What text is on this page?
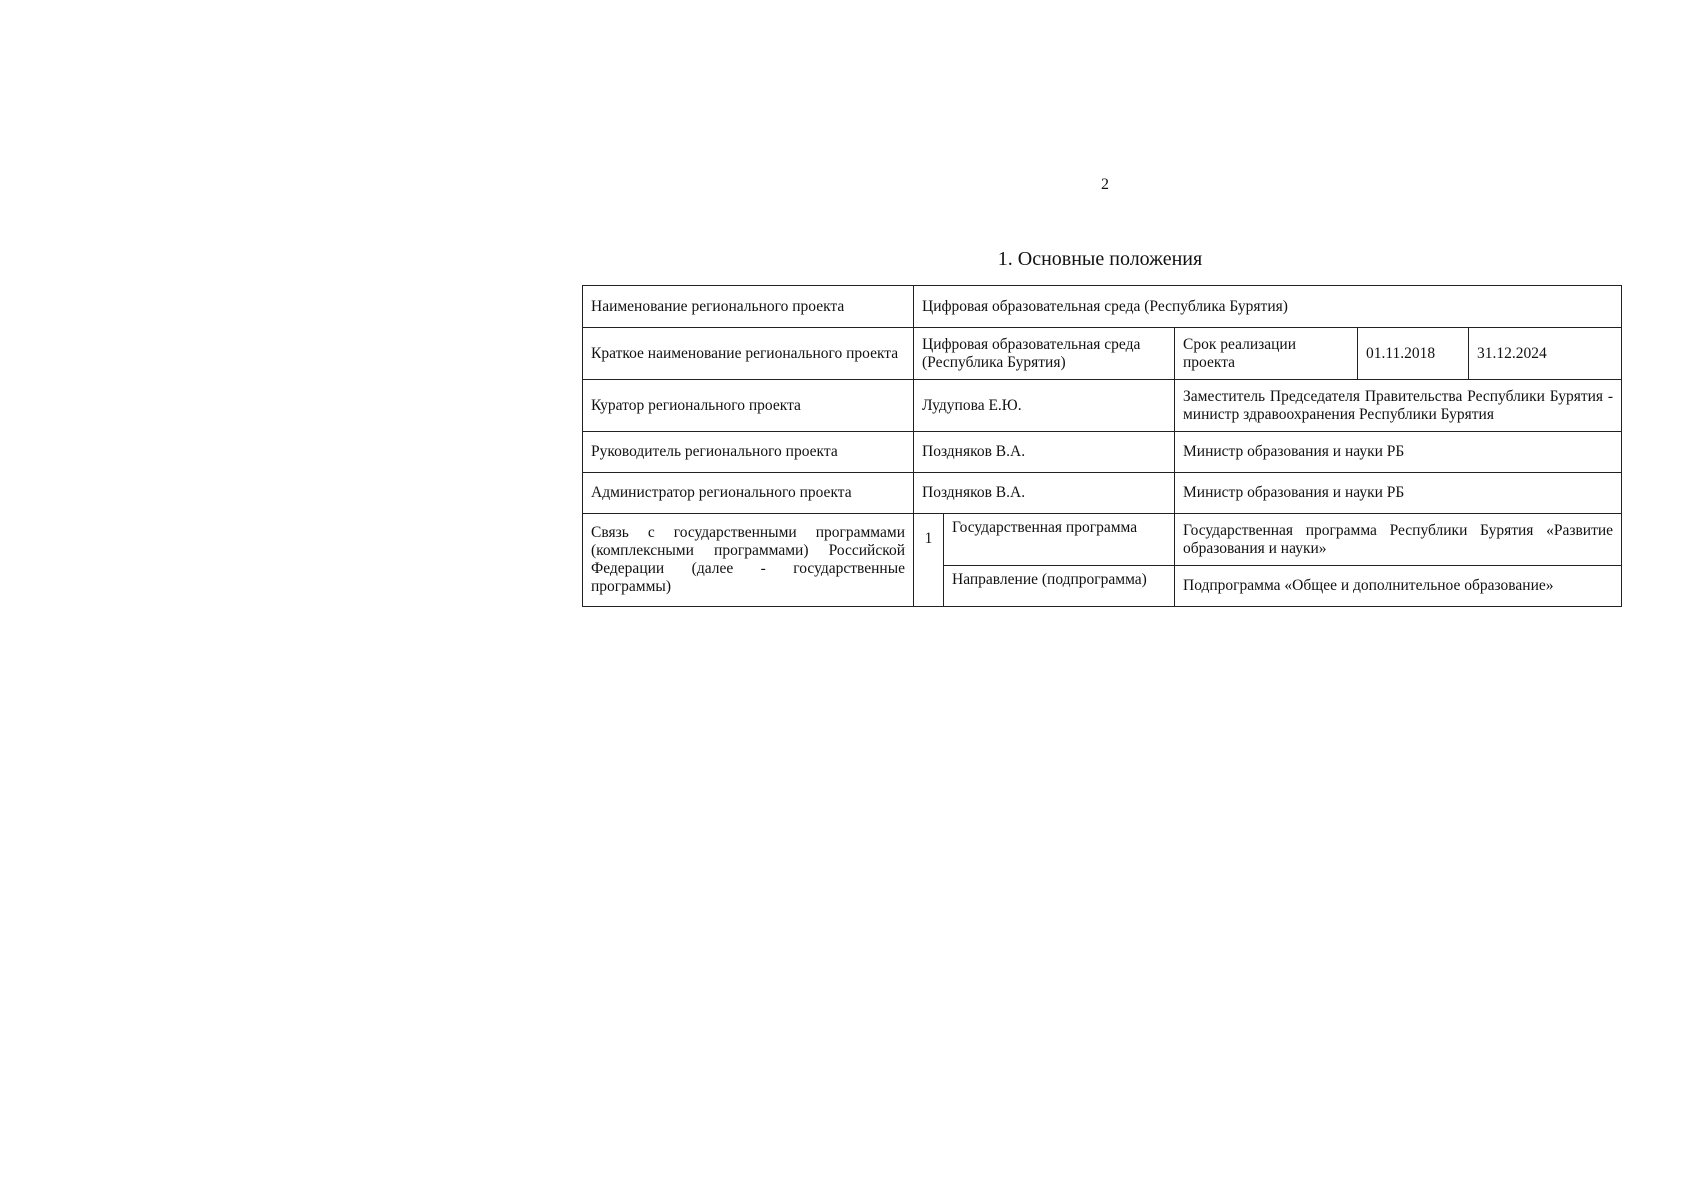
2
1. Основные положения
Наименование регионального проекта	Цифровая образовательная среда (Республика Бурятия)				
Краткое наименование регионального проекта	Цифровая образовательная среда (Республика Бурятия)		Срок реализации проекта	01.11.2018	31.12.2024
Куратор регионального проекта	Лудупова Е.Ю.		Заместитель Председателя Правительства Республики Бурятия - министр здравоохранения Республики Бурятия		
Руководитель регионального проекта	Поздняков В.А.		Министр образования и науки РБ		
Администратор регионального проекта	Поздняков В.А.		Министр образования и науки РБ		
Связь с государственными программами (комплексными программами) Российской Федерации (далее - государственные программы)	1	Государственная программа	Государственная программа Республики Бурятия «Развитие образования и науки»		
		Направление (подпрограмма)	Подпрограмма «Общее и дополнительное образование»		
